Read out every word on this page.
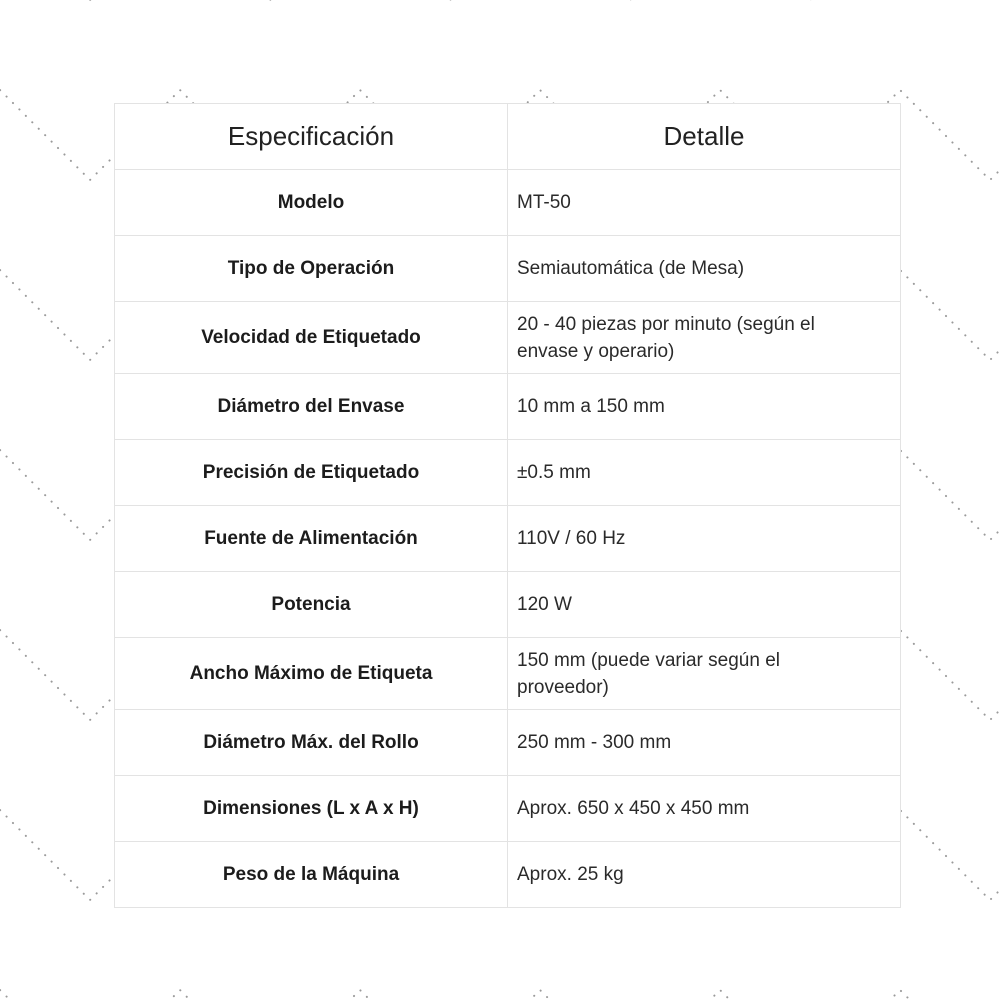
Especificación	Detalle
Modelo	MT-50
Tipo de Operación	Semiautomática (de Mesa)
Velocidad de Etiquetado	20 - 40 piezas por minuto (según el envase y operario)
Diámetro del Envase	10 mm a 150 mm
Precisión de Etiquetado	±0.5 mm
Fuente de Alimentación	110V / 60 Hz
Potencia	120 W
Ancho Máximo de Etiqueta	150 mm (puede variar según el proveedor)
Diámetro Máx. del Rollo	250 mm - 300 mm
Dimensiones (L x A x H)	Aprox. 650 x 450 x 450 mm
Peso de la Máquina	Aprox. 25 kg
